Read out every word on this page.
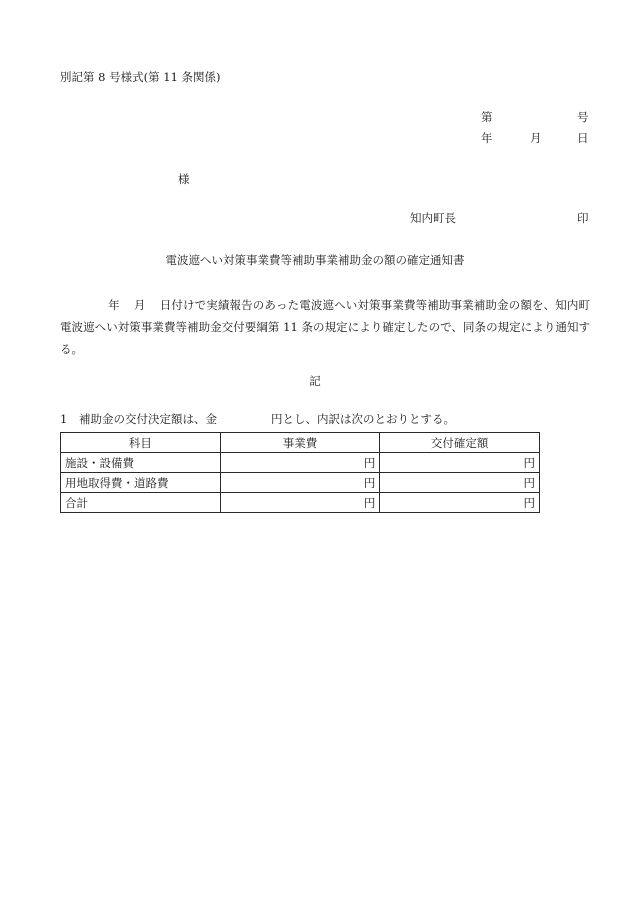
別記第 8 号様式(第 11 条関係)
第	号
年	月	日
様
知内町長	印
電波遮へい対策事業費等補助事業補助金の額の確定通知書
年 月 日付けで実績報告のあった電波遮へい対策事業費等補助事業補助金の額を、知内町電波遮へい対策事業費等補助金交付要綱第 11 条の規定により確定したので、同条の規定により通知する。
記
1 補助金の交付決定額は、金	円とし、内訳は次のとおりとする。
科目	事業費	交付確定額
施設・設備費	円	円
用地取得費・道路費	円	円
合計	円	円
